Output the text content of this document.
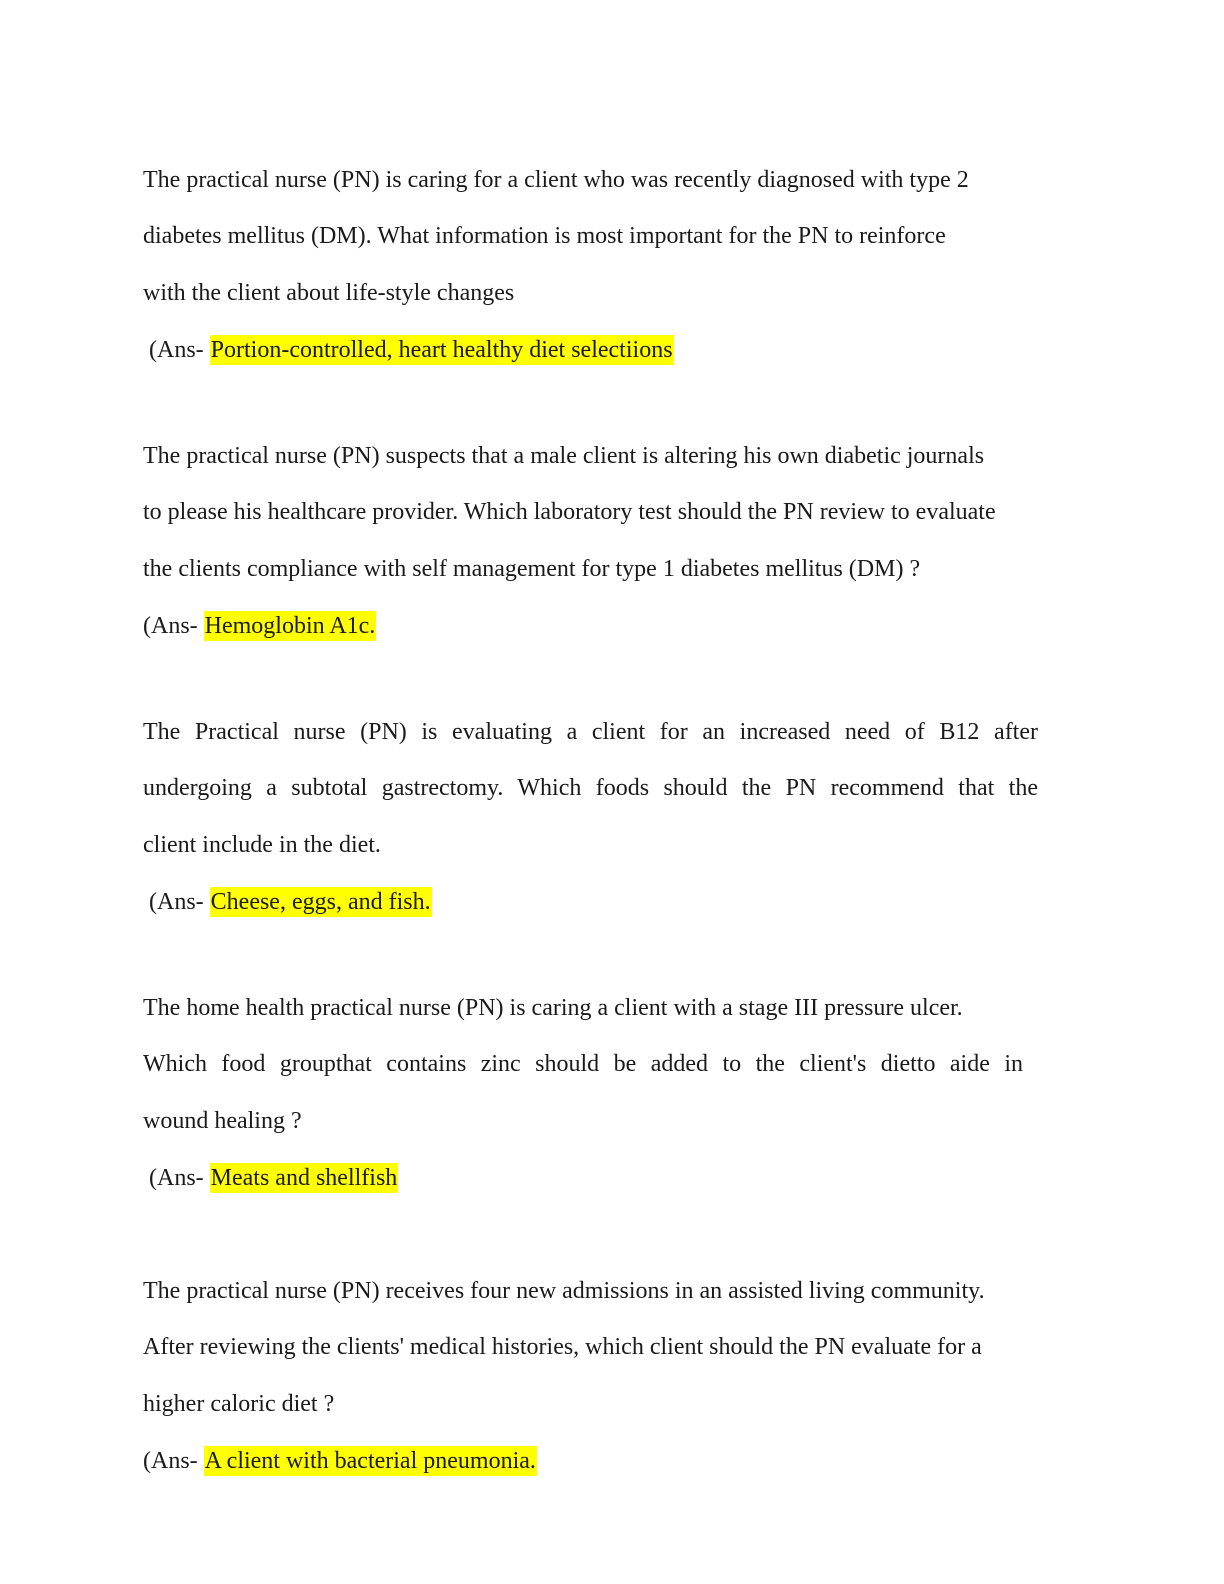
The practical nurse (PN) is caring for a client who was recently diagnosed with type 2
diabetes mellitus (DM). What information is most important for the PN to reinforce
with the client about life-style changes
(Ans- Portion-controlled, heart healthy diet selectiions
The practical nurse (PN) suspects that a male client is altering his own diabetic journals
to please his healthcare provider. Which laboratory test should the PN review to evaluate
the clients compliance with self management for type 1 diabetes mellitus (DM) ?
(Ans- Hemoglobin A1c.
The Practical nurse (PN) is evaluating a client for an increased need of B12 after
undergoing a subtotal gastrectomy. Which foods should the PN recommend that the
client include in the diet.
(Ans- Cheese, eggs, and fish.
The home health practical nurse (PN) is caring a client with a stage III pressure ulcer.
Which food groupthat contains zinc should be added to the client's dietto aide in
wound healing ?
(Ans- Meats and shellfish
The practical nurse (PN) receives four new admissions in an assisted living community.
After reviewing the clients' medical histories, which client should the PN evaluate for a
higher caloric diet ?
(Ans- A client with bacterial pneumonia.
